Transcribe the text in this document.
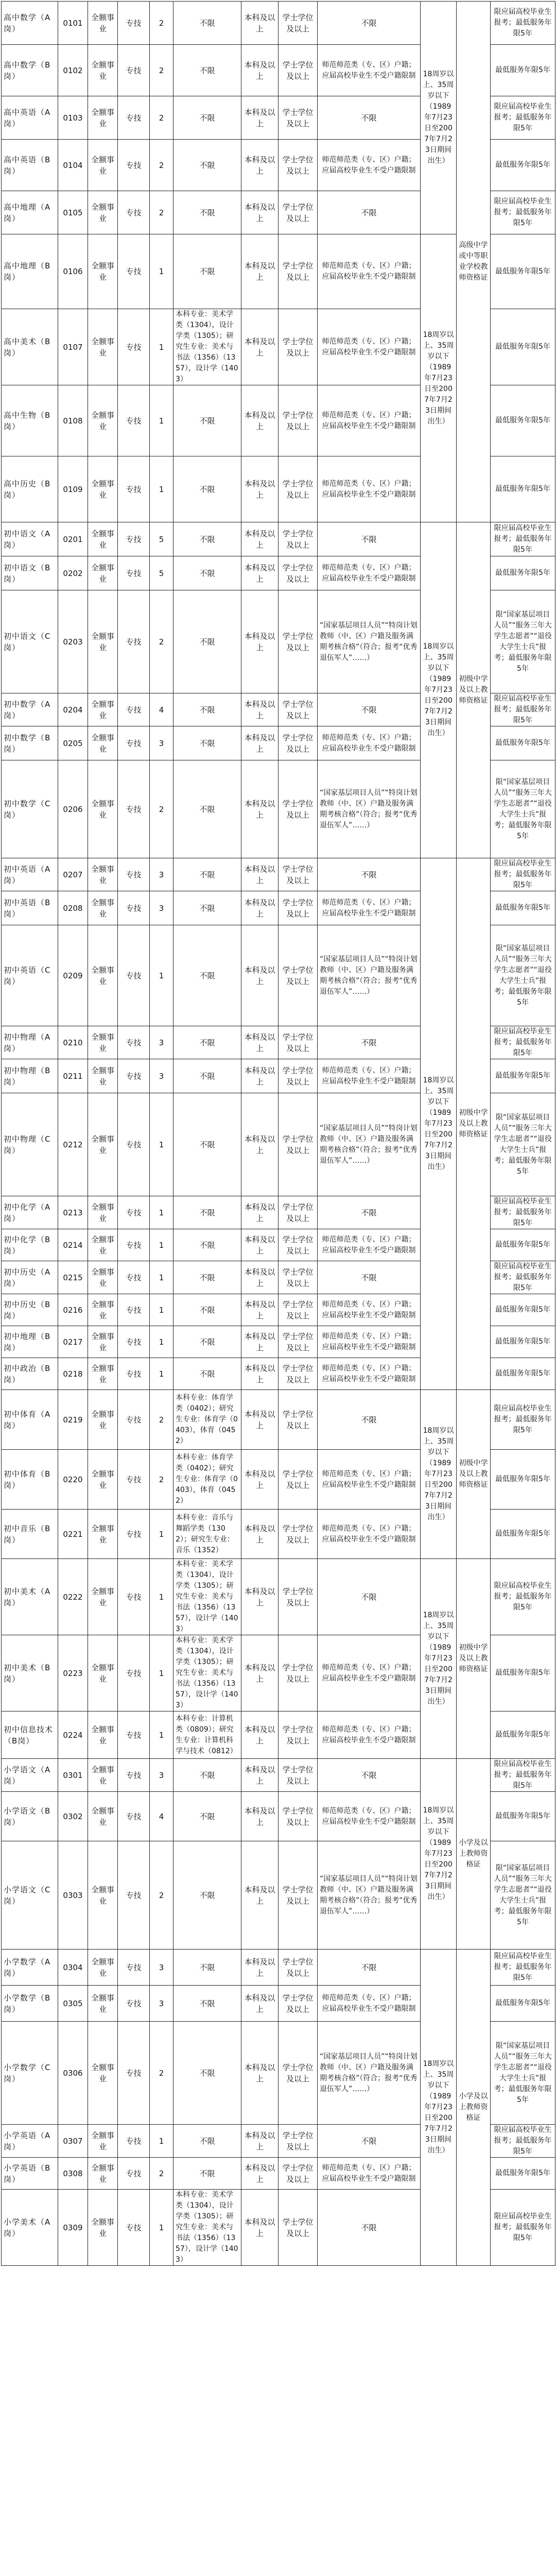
高中数学（A岗）	0101	全额事业	专技	2	不限	本科及以上	学士学位及以上	不限	18周岁以上、35周岁以下（1989年7月23日至2007年7月23日期间出生）	高级中学或中等职业学校教师资格证	限应届高校毕业生报考；最低服务年限5年
高中数学（B岗）	0102	全额事业	专技	2	不限	本科及以上	学士学位及以上	师范师范类（专、区）户籍；应届高校毕业生不受户籍限制			最低服务年限5年
高中英语（A岗）	0103	全额事业	专技	2	不限	本科及以上	学士学位及以上	不限			限应届高校毕业生报考；最低服务年限5年
高中英语（B岗）	0104	全额事业	专技	2	不限	本科及以上	学士学位及以上	师范师范类（专、区）户籍；应届高校毕业生不受户籍限制			最低服务年限5年
高中地理（A岗）	0105	全额事业	专技	2	不限	本科及以上	学士学位及以上	不限			限应届高校毕业生报考；最低服务年限5年
高中地理（B岗）	0106	全额事业	专技	1	不限	本科及以上	学士学位及以上	师范师范类（专、区）户籍；应届高校毕业生不受户籍限制	18周岁以上、35周岁以下（1989年7月23日至2007年7月23日期间出生）		最低服务年限5年
高中美术（B岗）	0107	全额事业	专技	1	本科专业：美术学类（1304），设计学类（1305）；研究生专业：美术与书法（1356）（1357），设计学（1403）	本科及以上	学士学位及以上	师范师范类（专、区）户籍；应届高校毕业生不受户籍限制			最低服务年限5年
高中生物（B岗）	0108	全额事业	专技	1	不限	本科及以上	学士学位及以上	师范师范类（专、区）户籍；应届高校毕业生不受户籍限制			最低服务年限5年
高中历史（B岗）	0109	全额事业	专技	1	不限	本科及以上	学士学位及以上	师范师范类（专、区）户籍；应届高校毕业生不受户籍限制			最低服务年限5年
初中语文（A岗）	0201	全额事业	专技	5	不限	本科及以上	学士学位及以上	不限	18周岁以上、35周岁以下（1989年7月23日至2007年7月23日期间出生）	初级中学及以上教师资格证	限应届高校毕业生报考；最低服务年限5年
初中语文（B岗）	0202	全额事业	专技	5	不限	本科及以上	学士学位及以上	师范师范类（专、区）户籍；应届高校毕业生不受户籍限制			最低服务年限5年
初中语文（C岗）	0203	全额事业	专技	2	不限	本科及以上	学士学位及以上	“国家基层项目人员”“特岗计划教师（中、区）户籍及服务满期考核合格”（符合；报考“优秀退伍军人”……）			限“国家基层项目人员”“服务三年大学生志愿者”“退役大学生士兵”报考；最低服务年限5年
初中数学（A岗）	0204	全额事业	专技	4	不限	本科及以上	学士学位及以上	不限			限应届高校毕业生报考；最低服务年限5年
初中数学（B岗）	0205	全额事业	专技	3	不限	本科及以上	学士学位及以上	师范师范类（专、区）户籍；应届高校毕业生不受户籍限制			最低服务年限5年
初中数学（C岗）	0206	全额事业	专技	2	不限	本科及以上	学士学位及以上	“国家基层项目人员”“特岗计划教师（中、区）户籍及服务满期考核合格”（符合；报考“优秀退伍军人”……）			限“国家基层项目人员”“服务三年大学生志愿者”“退役大学生士兵”报考；最低服务年限5年
初中英语（A岗）	0207	全额事业	专技	3	不限	本科及以上	学士学位及以上	不限	18周岁以上、35周岁以下（1989年7月23日至2007年7月23日期间出生）	初级中学及以上教师资格证	限应届高校毕业生报考；最低服务年限5年
初中英语（B岗）	0208	全额事业	专技	3	不限	本科及以上	学士学位及以上	师范师范类（专、区）户籍；应届高校毕业生不受户籍限制			最低服务年限5年
初中英语（C岗）	0209	全额事业	专技	1	不限	本科及以上	学士学位及以上	“国家基层项目人员”“特岗计划教师（中、区）户籍及服务满期考核合格”（符合；报考“优秀退伍军人”……）			限“国家基层项目人员”“服务三年大学生志愿者”“退役大学生士兵”报考；最低服务年限5年
初中物理（A岗）	0210	全额事业	专技	3	不限	本科及以上	学士学位及以上	不限			限应届高校毕业生报考；最低服务年限5年
初中物理（B岗）	0211	全额事业	专技	3	不限	本科及以上	学士学位及以上	师范师范类（专、区）户籍；应届高校毕业生不受户籍限制			最低服务年限5年
初中物理（C岗）	0212	全额事业	专技	1	不限	本科及以上	学士学位及以上	“国家基层项目人员”“特岗计划教师（中、区）户籍及服务满期考核合格”（符合；报考“优秀退伍军人”……）			限“国家基层项目人员”“服务三年大学生志愿者”“退役大学生士兵”报考；最低服务年限5年
初中化学（A岗）	0213	全额事业	专技	1	不限	本科及以上	学士学位及以上	不限			限应届高校毕业生报考；最低服务年限5年
初中化学（B岗）	0214	全额事业	专技	1	不限	本科及以上	学士学位及以上	师范师范类（专、区）户籍；应届高校毕业生不受户籍限制			最低服务年限5年
初中历史（A岗）	0215	全额事业	专技	1	不限	本科及以上	学士学位及以上	不限			限应届高校毕业生报考；最低服务年限5年
初中历史（B岗）	0216	全额事业	专技	1	不限	本科及以上	学士学位及以上	师范师范类（专、区）户籍；应届高校毕业生不受户籍限制			最低服务年限5年
初中地理（B岗）	0217	全额事业	专技	1	不限	本科及以上	学士学位及以上	师范师范类（专、区）户籍；应届高校毕业生不受户籍限制			最低服务年限5年
初中政治（B岗）	0218	全额事业	专技	1	不限	本科及以上	学士学位及以上	师范师范类（专、区）户籍；应届高校毕业生不受户籍限制			最低服务年限5年
初中体育（A岗）	0219	全额事业	专技	2	本科专业：体育学类（0402）；研究生专业：体育学（0403），体育（0452）	本科及以上	学士学位及以上	不限	18周岁以上、35周岁以下（1989年7月23日至2007年7月23日期间出生）	初级中学及以上教师资格证	限应届高校毕业生报考；最低服务年限5年
初中体育（B岗）	0220	全额事业	专技	2	本科专业：体育学类（0402）；研究生专业：体育学（0403），体育（0452）	本科及以上	学士学位及以上	师范师范类（专、区）户籍；应届高校毕业生不受户籍限制			最低服务年限5年
初中音乐（B岗）	0221	全额事业	专技	1	本科专业：音乐与舞蹈学类（1302）；研究生专业：音乐（1352）	本科及以上	学士学位及以上	师范师范类（专、区）户籍；应届高校毕业生不受户籍限制			最低服务年限5年
初中美术（A岗）	0222	全额事业	专技	1	本科专业：美术学类（1304），设计学类（1305）；研究生专业：美术与书法（1356）（1357），设计学（1403）	本科及以上	学士学位及以上	不限	18周岁以上、35周岁以下（1989年7月23日至2007年7月23日期间出生）	初级中学及以上教师资格证	限应届高校毕业生报考；最低服务年限5年
初中美术（B岗）	0223	全额事业	专技	1	本科专业：美术学类（1304），设计学类（1305）；研究生专业：美术与书法（1356）（1357），设计学（1403）	本科及以上	学士学位及以上	师范师范类（专、区）户籍；应届高校毕业生不受户籍限制			最低服务年限5年
初中信息技术（B岗）	0224	全额事业	专技	1	本科专业：计算机类（0809）；研究生专业：计算机科学与技术（0812）	本科及以上	学士学位及以上	师范师范类（专、区）户籍；应届高校毕业生不受户籍限制			最低服务年限5年
小学语文（A岗）	0301	全额事业	专技	3	不限	本科及以上	学士学位及以上	不限	18周岁以上、35周岁以下（1989年7月23日至2007年7月23日期间出生）	小学及以上教师资格证	限应届高校毕业生报考；最低服务年限5年
小学语文（B岗）	0302	全额事业	专技	4	不限	本科及以上	学士学位及以上	师范师范类（专、区）户籍；应届高校毕业生不受户籍限制			最低服务年限5年
小学语文（C岗）	0303	全额事业	专技	2	不限	本科及以上	学士学位及以上	“国家基层项目人员”“特岗计划教师（中、区）户籍及服务满期考核合格”（符合；报考“优秀退伍军人”……）			限“国家基层项目人员”“服务三年大学生志愿者”“退役大学生士兵”报考；最低服务年限5年
小学数学（A岗）	0304	全额事业	专技	3	不限	本科及以上	学士学位及以上	不限	18周岁以上、35周岁以下（1989年7月23日至2007年7月23日期间出生）	小学及以上教师资格证	限应届高校毕业生报考；最低服务年限5年
小学数学（B岗）	0305	全额事业	专技	3	不限	本科及以上	学士学位及以上	师范师范类（专、区）户籍；应届高校毕业生不受户籍限制			最低服务年限5年
小学数学（C岗）	0306	全额事业	专技	2	不限	本科及以上	学士学位及以上	“国家基层项目人员”“特岗计划教师（中、区）户籍及服务满期考核合格”（符合；报考“优秀退伍军人”……）			限“国家基层项目人员”“服务三年大学生志愿者”“退役大学生士兵”报考；最低服务年限5年
小学英语（A岗）	0307	全额事业	专技	1	不限	本科及以上	学士学位及以上	不限			限应届高校毕业生报考；最低服务年限5年
小学英语（B岗）	0308	全额事业	专技	2	不限	本科及以上	学士学位及以上	师范师范类（专、区）户籍；应届高校毕业生不受户籍限制			最低服务年限5年
小学美术（A岗）	0309	全额事业	专技	1	本科专业：美术学类（1304），设计学类（1305）；研究生专业：美术与书法（1356）（1357），设计学（1403）	本科及以上	学士学位及以上	不限			限应届高校毕业生报考；最低服务年限5年
